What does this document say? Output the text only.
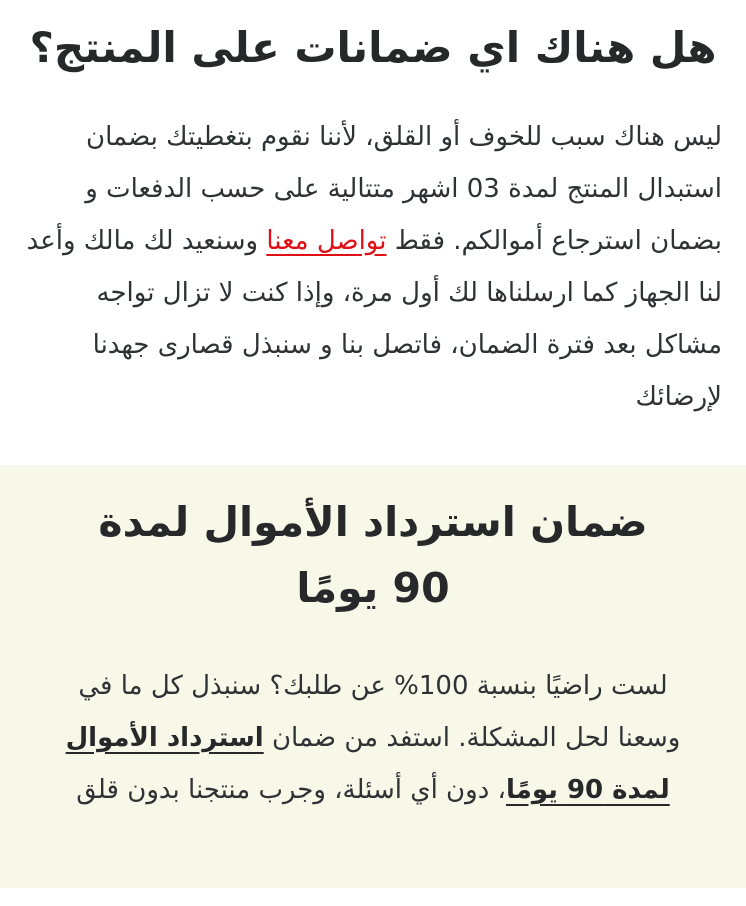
هل هناك اي ضمانات على المنتج؟

ليس هناك سبب للخوف أو القلق، لأننا نقوم بتغطيتك بضمان استبدال المنتج لمدة 03 اشهر متتالية على حسب الدفعات و بضمان استرجاع أموالكم. فقط تواصل معنا وسنعيد لك مالك وأعد لنا الجهاز كما ارسلناها لك أول مرة، وإذا كنت لا تزال تواجه مشاكل بعد فترة الضمان، فاتصل بنا و سنبذل قصارى جهدنا لإرضائك

ضمان استرداد الأموال لمدة 90 يومًا

لست راضيًا بنسبة 100% عن طلبك؟ سنبذل كل ما في وسعنا لحل المشكلة. استفد من ضمان استرداد الأموال لمدة 90 يومًا، دون أي أسئلة، وجرب منتجنا بدون قلق
